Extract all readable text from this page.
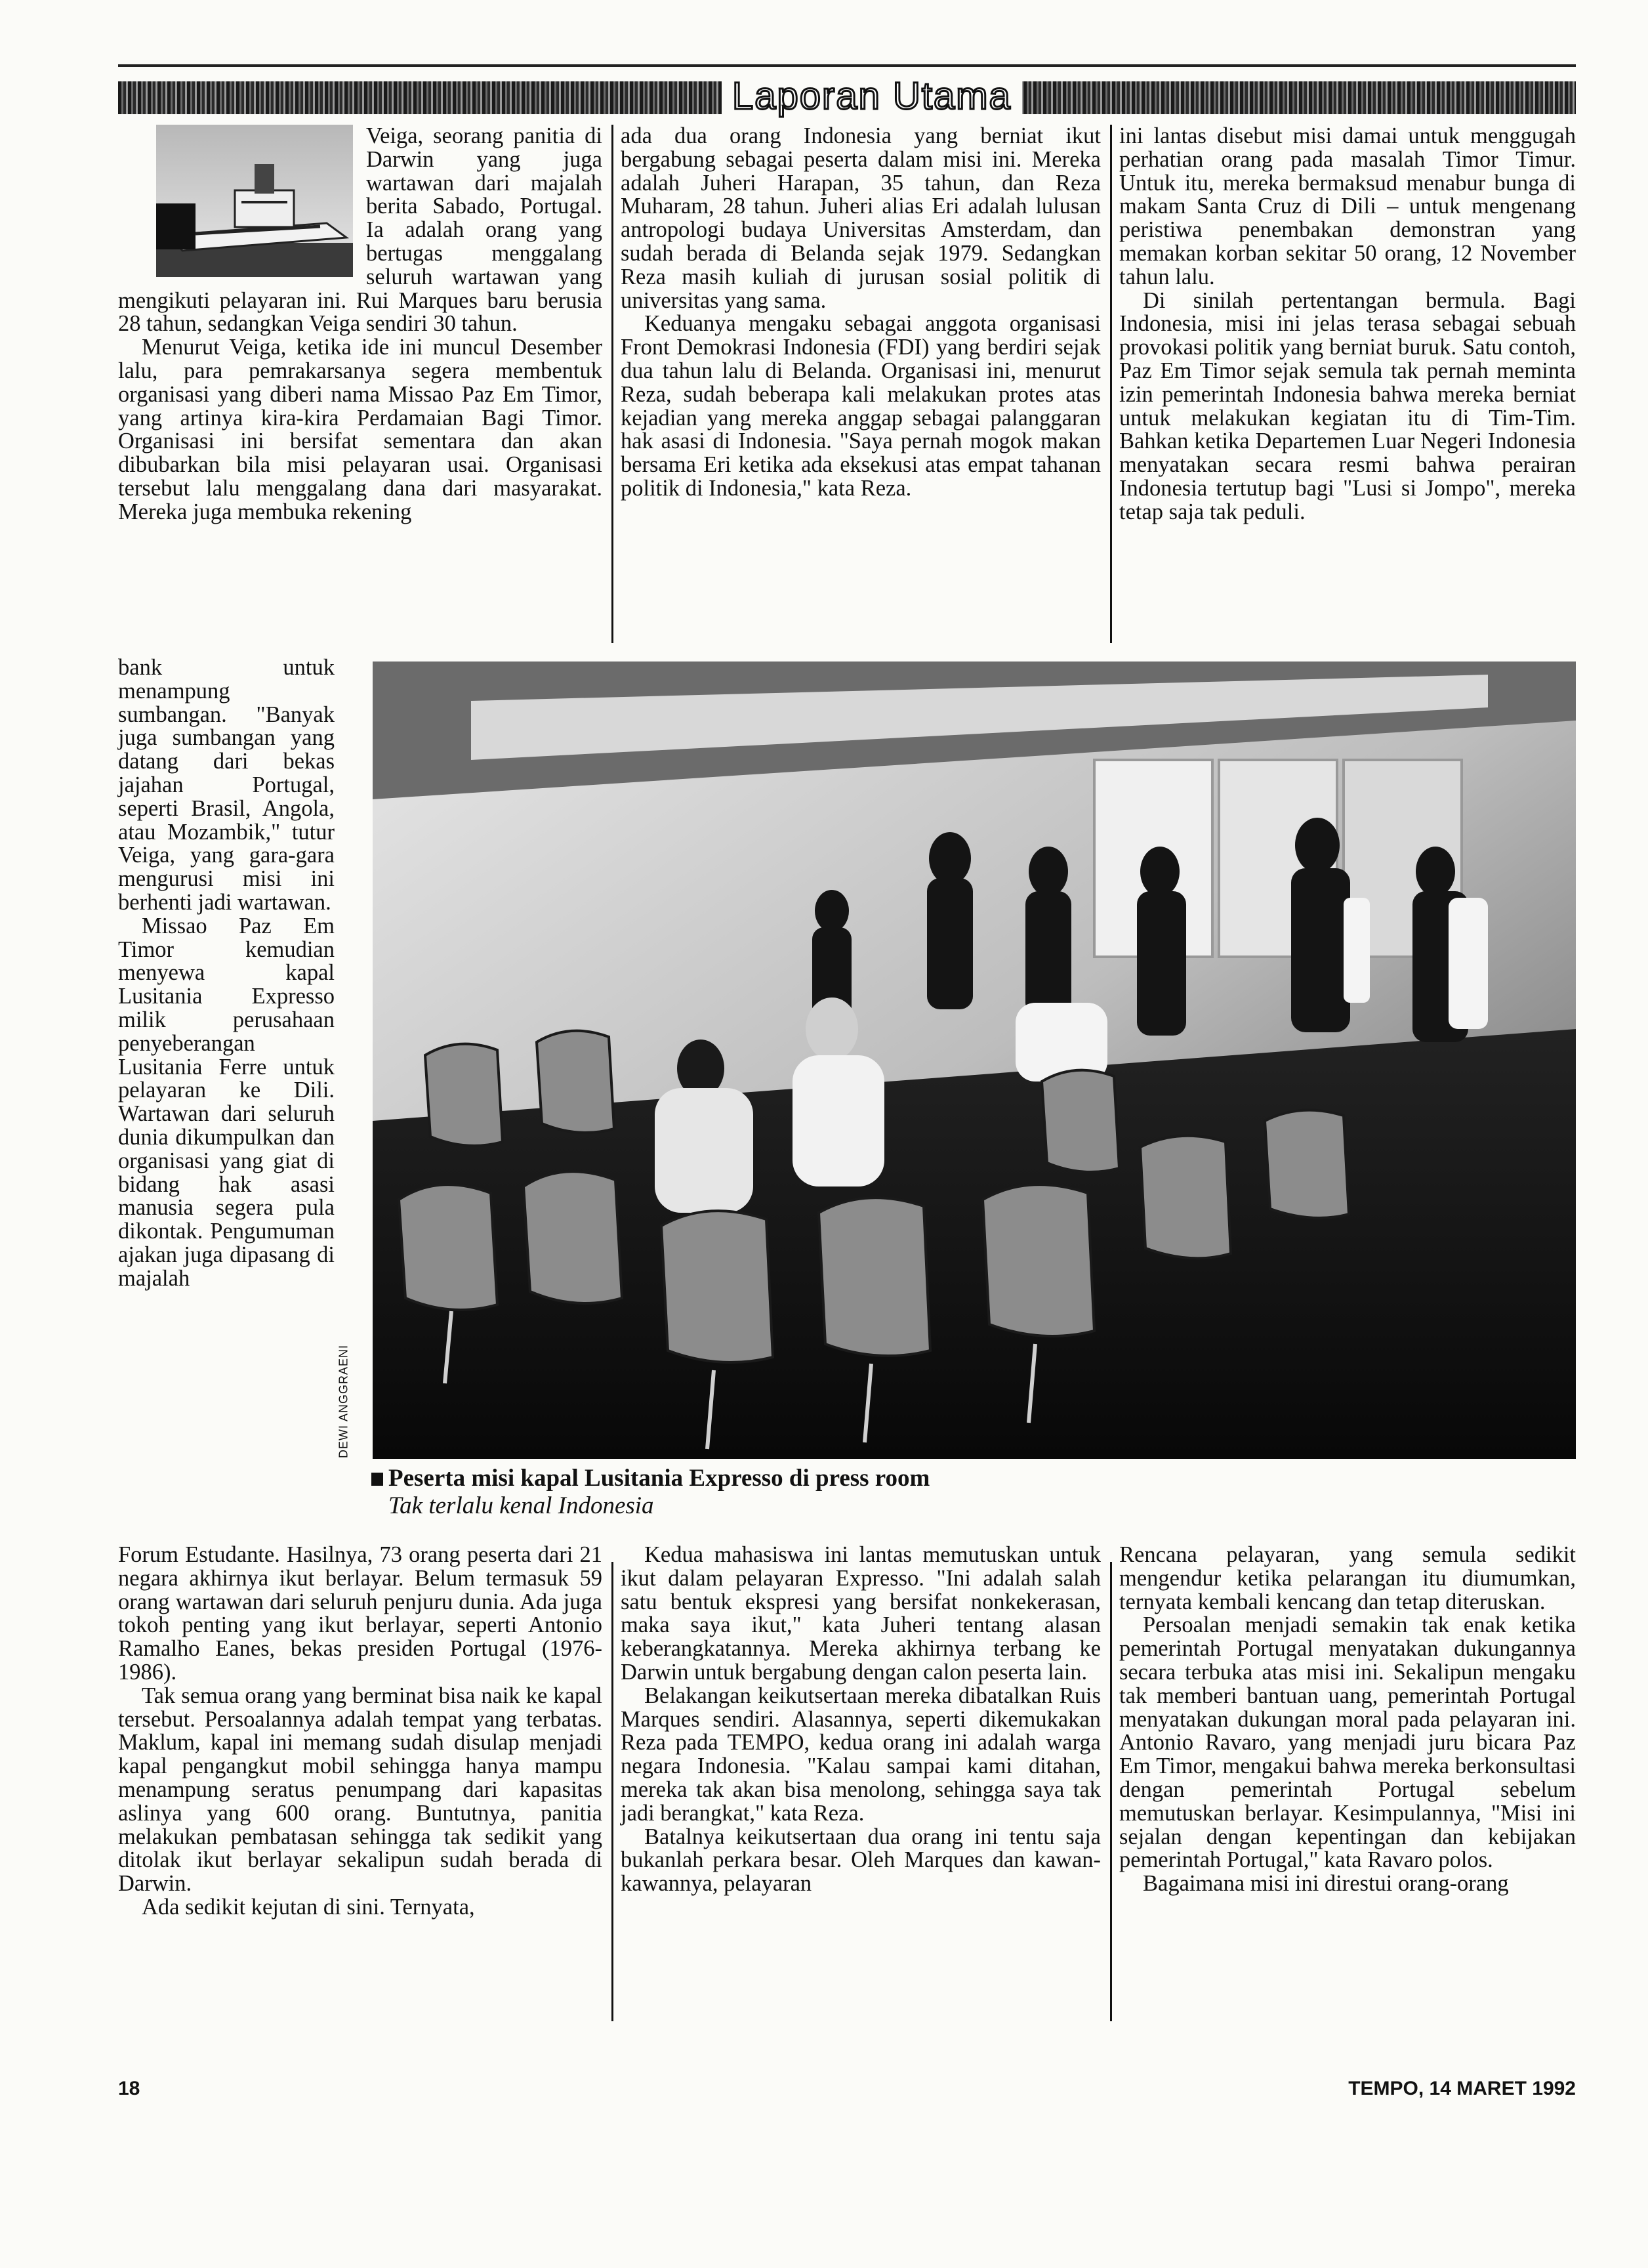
Laporan Utama

Veiga, seorang panitia di Darwin yang juga wartawan dari majalah berita Sabado, Portugal. Ia adalah orang yang bertugas menggalang seluruh wartawan yang mengikuti pelayaran ini. Rui Marques baru berusia 28 tahun, sedangkan Veiga sendiri 30 tahun.

Menurut Veiga, ketika ide ini muncul Desember lalu, para pemrakarsanya segera membentuk organisasi yang diberi nama Missao Paz Em Timor, yang artinya kira-kira Perdamaian Bagi Timor. Organisasi ini bersifat sementara dan akan dibubarkan bila misi pelayaran usai. Organisasi tersebut lalu menggalang dana dari masyarakat. Mereka juga membuka rekening

bank untuk menampung sumbangan. "Banyak juga sumbangan yang datang dari bekas jajahan Portugal, seperti Brasil, Angola, atau Mozambik," tutur Veiga, yang gara-gara mengurusi misi ini berhenti jadi wartawan.

Missao Paz Em Timor kemudian menyewa kapal Lusitania Expresso milik perusahaan penyeberangan Lusitania Ferre untuk pelayaran ke Dili. Wartawan dari seluruh dunia dikumpulkan dan organisasi yang giat di bidang hak asasi manusia segera pula dikontak. Pengumuman ajakan juga dipasang di majalah

ada dua orang Indonesia yang berniat ikut bergabung sebagai peserta dalam misi ini. Mereka adalah Juheri Harapan, 35 tahun, dan Reza Muharam, 28 tahun. Juheri alias Eri adalah lulusan antropologi budaya Universitas Amsterdam, dan sudah berada di Belanda sejak 1979. Sedangkan Reza masih kuliah di jurusan sosial politik di universitas yang sama.

Keduanya mengaku sebagai anggota organisasi Front Demokrasi Indonesia (FDI) yang berdiri sejak dua tahun lalu di Belanda. Organisasi ini, menurut Reza, sudah beberapa kali melakukan protes atas kejadian yang mereka anggap sebagai palanggaran hak asasi di Indonesia. "Saya pernah mogok makan bersama Eri ketika ada eksekusi atas empat tahanan politik di Indonesia," kata Reza.

ini lantas disebut misi damai untuk menggugah perhatian orang pada masalah Timor Timur. Untuk itu, mereka bermaksud menabur bunga di makam Santa Cruz di Dili – untuk mengenang peristiwa penembakan demonstran yang memakan korban sekitar 50 orang, 12 November tahun lalu.

Di sinilah pertentangan bermula. Bagi Indonesia, misi ini jelas terasa sebagai sebuah provokasi politik yang berniat buruk. Satu contoh, Paz Em Timor sejak semula tak pernah meminta izin pemerintah Indonesia bahwa mereka berniat untuk melakukan kegiatan itu di Tim-Tim. Bahkan ketika Departemen Luar Negeri Indonesia menyatakan secara resmi bahwa perairan Indonesia tertutup bagi "Lusi si Jompo", mereka tetap saja tak peduli.

DEWI ANGGRAENI
Peserta misi kapal Lusitania Expresso di press room
Tak terlalu kenal Indonesia

Forum Estudante. Hasilnya, 73 orang peserta dari 21 negara akhirnya ikut berlayar. Belum termasuk 59 orang wartawan dari seluruh penjuru dunia. Ada juga tokoh penting yang ikut berlayar, seperti Antonio Ramalho Eanes, bekas presiden Portugal (1976-1986).

Tak semua orang yang berminat bisa naik ke kapal tersebut. Persoalannya adalah tempat yang terbatas. Maklum, kapal ini memang sudah disulap menjadi kapal pengangkut mobil sehingga hanya mampu menampung seratus penumpang dari kapasitas aslinya yang 600 orang. Buntutnya, panitia melakukan pembatasan sehingga tak sedikit yang ditolak ikut berlayar sekalipun sudah berada di Darwin.

Ada sedikit kejutan di sini. Ternyata,

Kedua mahasiswa ini lantas memutuskan untuk ikut dalam pelayaran Expresso. "Ini adalah salah satu bentuk ekspresi yang bersifat nonkekerasan, maka saya ikut," kata Juheri tentang alasan keberangkatannya. Mereka akhirnya terbang ke Darwin untuk bergabung dengan calon peserta lain.

Belakangan keikutsertaan mereka dibatalkan Ruis Marques sendiri. Alasannya, seperti dikemukakan Reza pada TEMPO, kedua orang ini adalah warga negara Indonesia. "Kalau sampai kami ditahan, mereka tak akan bisa menolong, sehingga saya tak jadi berangkat," kata Reza.

Batalnya keikutsertaan dua orang ini tentu saja bukanlah perkara besar. Oleh Marques dan kawan-kawannya, pelayaran

Rencana pelayaran, yang semula sedikit mengendur ketika pelarangan itu diumumkan, ternyata kembali kencang dan tetap diteruskan.

Persoalan menjadi semakin tak enak ketika pemerintah Portugal menyatakan dukungannya secara terbuka atas misi ini. Sekalipun mengaku tak memberi bantuan uang, pemerintah Portugal menyatakan dukungan moral pada pelayaran ini. Antonio Ravaro, yang menjadi juru bicara Paz Em Timor, mengakui bahwa mereka berkonsultasi dengan pemerintah Portugal sebelum memutuskan berlayar. Kesimpulannya, "Misi ini sejalan dengan kepentingan dan kebijakan pemerintah Portugal," kata Ravaro polos.

Bagaimana misi ini direstui orang-orang

18	TEMPO, 14 MARET 1992
